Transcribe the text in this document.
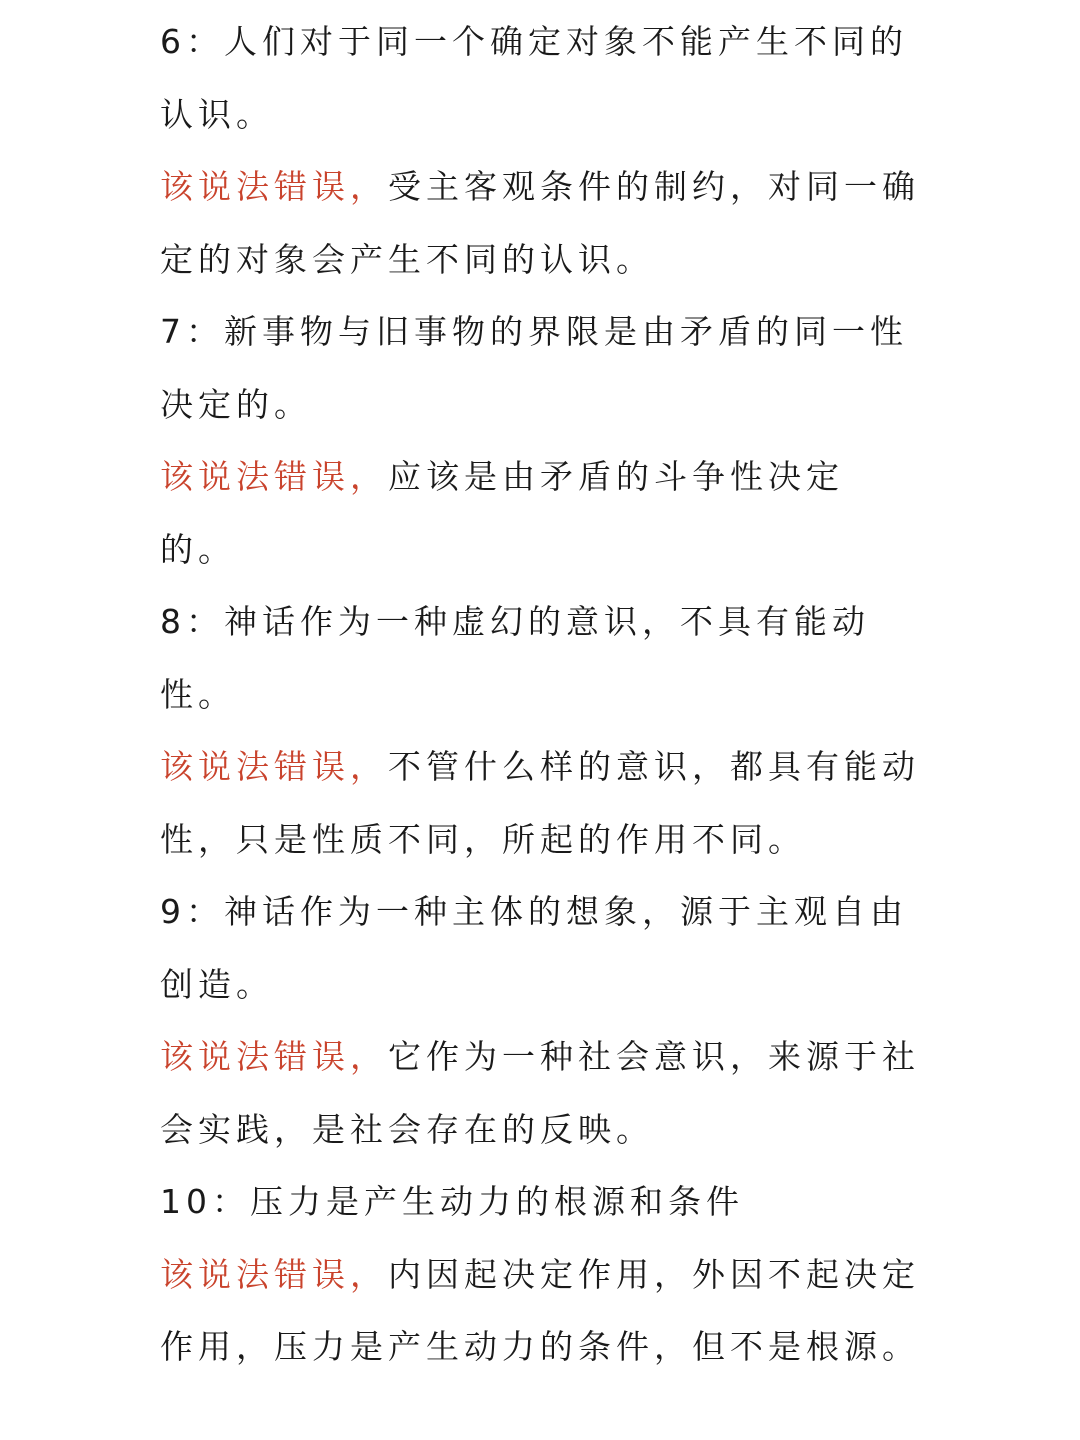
6：人们对于同一个确定对象不能产生不同的认识。

该说法错误，受主客观条件的制约，对同一确定的对象会产生不同的认识。

7：新事物与旧事物的界限是由矛盾的同一性决定的。

该说法错误，应该是由矛盾的斗争性决定的。

8：神话作为一种虚幻的意识，不具有能动性。

该说法错误，不管什么样的意识，都具有能动性，只是性质不同，所起的作用不同。

9：神话作为一种主体的想象，源于主观自由创造。

该说法错误，它作为一种社会意识，来源于社会实践，是社会存在的反映。

10：压力是产生动力的根源和条件

该说法错误，内因起决定作用，外因不起决定作用，压力是产生动力的条件，但不是根源。
